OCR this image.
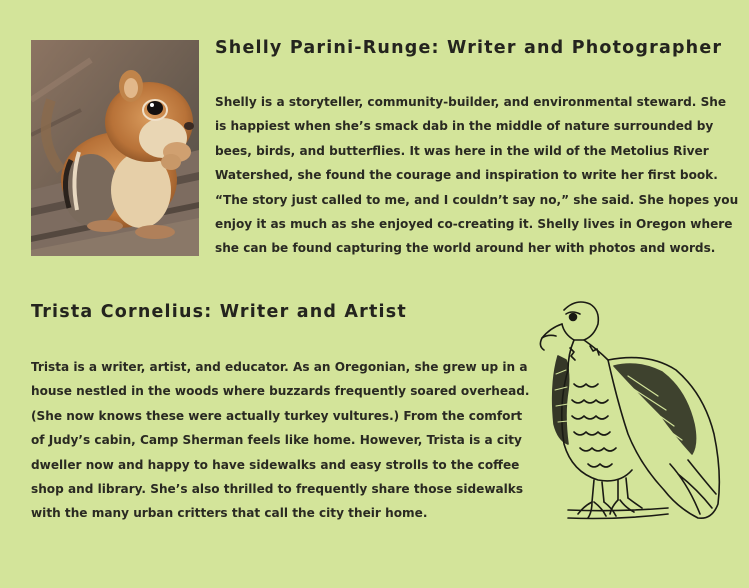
Shelly Parini-Runge: Writer and Photographer

Shelly is a storyteller, community-builder, and environmental steward. She
is happiest when she’s smack dab in the middle of nature surrounded by
bees, birds, and butterflies. It was here in the wild of the Metolius River
Watershed, she found the courage and inspiration to write her first book.
“The story just called to me, and I couldn’t say no,” she said. She hopes you
enjoy it as much as she enjoyed co-creating it. Shelly lives in Oregon where
she can be found capturing the world around her with photos and words.

Trista Cornelius: Writer and Artist

Trista is a writer, artist, and educator. As an Oregonian, she grew up in a
house nestled in the woods where buzzards frequently soared overhead.
(She now knows these were actually turkey vultures.) From the comfort
of Judy’s cabin, Camp Sherman feels like home. However, Trista is a city
dweller now and happy to have sidewalks and easy strolls to the coffee
shop and library. She’s also thrilled to frequently share those sidewalks
with the many urban critters that call the city their home.
